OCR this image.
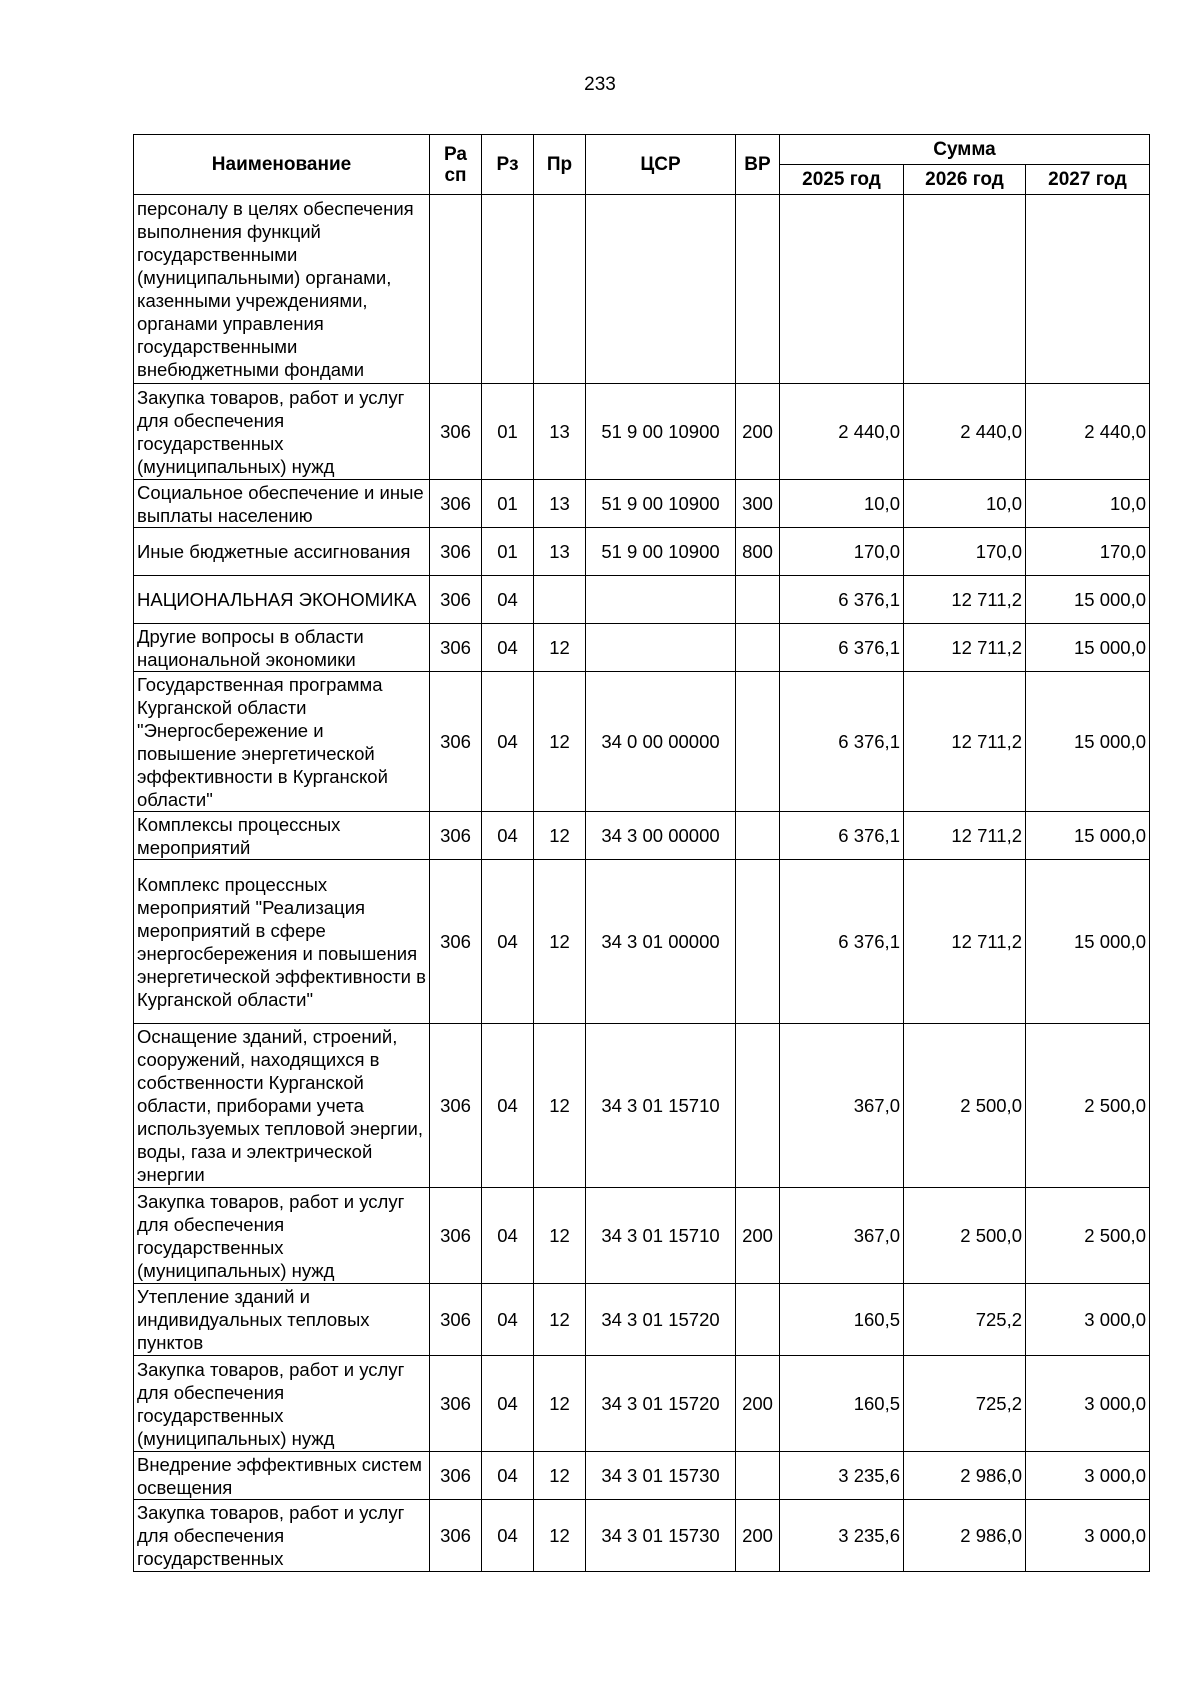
233
Наименование	Ра сп	Рз	Пр	ЦСР	ВР	Сумма		
						2025 год	2026 год	2027 год
персоналу в целях обеспечения выполнения функций государственными (муниципальными) органами, казенными учреждениями, органами управления государственными внебюджетными фондами								
Закупка товаров, работ и услуг для обеспечения государственных (муниципальных) нужд	306	01	13	51 9 00 10900	200	2 440,0	2 440,0	2 440,0
Социальное обеспечение и иные выплаты населению	306	01	13	51 9 00 10900	300	10,0	10,0	10,0
Иные бюджетные ассигнования	306	01	13	51 9 00 10900	800	170,0	170,0	170,0
НАЦИОНАЛЬНАЯ ЭКОНОМИКА	306	04				6 376,1	12 711,2	15 000,0
Другие вопросы в области национальной экономики	306	04	12			6 376,1	12 711,2	15 000,0
Государственная программа Курганской области "Энергосбережение и повышение энергетической эффективности в Курганской области"	306	04	12	34 0 00 00000		6 376,1	12 711,2	15 000,0
Комплексы процессных мероприятий	306	04	12	34 3 00 00000		6 376,1	12 711,2	15 000,0
Комплекс процессных мероприятий "Реализация мероприятий в сфере энергосбережения и повышения энергетической эффективности в Курганской области"	306	04	12	34 3 01 00000		6 376,1	12 711,2	15 000,0
Оснащение зданий, строений, сооружений, находящихся в собственности Курганской области, приборами учета используемых тепловой энергии, воды, газа и электрической энергии	306	04	12	34 3 01 15710		367,0	2 500,0	2 500,0
Закупка товаров, работ и услуг для обеспечения государственных (муниципальных) нужд	306	04	12	34 3 01 15710	200	367,0	2 500,0	2 500,0
Утепление зданий и индивидуальных тепловых пунктов	306	04	12	34 3 01 15720		160,5	725,2	3 000,0
Закупка товаров, работ и услуг для обеспечения государственных (муниципальных) нужд	306	04	12	34 3 01 15720	200	160,5	725,2	3 000,0
Внедрение эффективных систем освещения	306	04	12	34 3 01 15730		3 235,6	2 986,0	3 000,0
Закупка товаров, работ и услуг для обеспечения государственных	306	04	12	34 3 01 15730	200	3 235,6	2 986,0	3 000,0
